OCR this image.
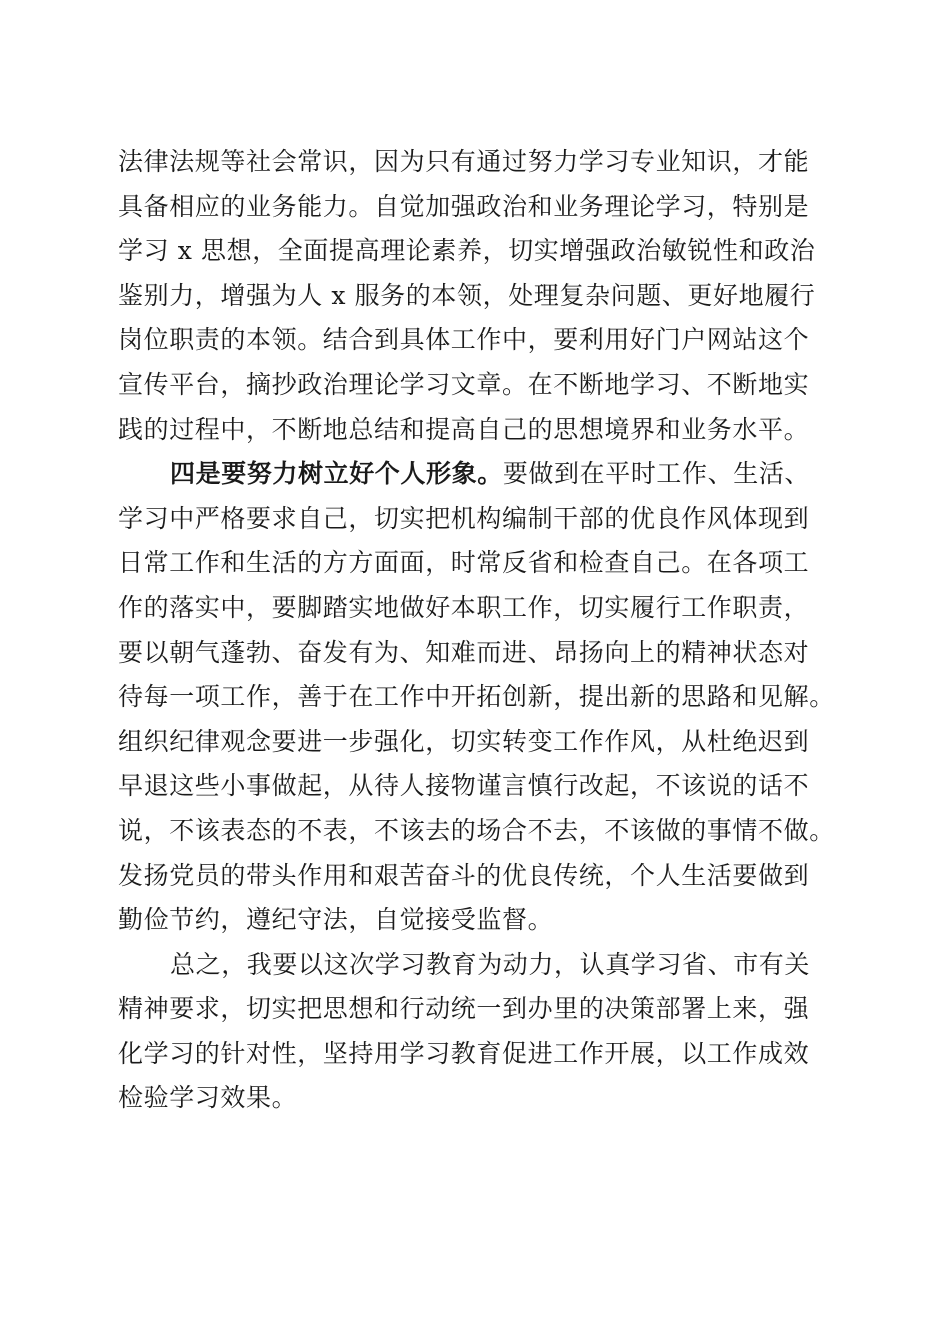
法律法规等社会常识，因为只有通过努力学习专业知识，才能
具备相应的业务能力。自觉加强政治和业务理论学习，特别是
学习 x 思想，全面提高理论素养，切实增强政治敏锐性和政治
鉴别力，增强为人 x 服务的本领，处理复杂问题、更好地履行
岗位职责的本领。结合到具体工作中，要利用好门户网站这个
宣传平台，摘抄政治理论学习文章。在不断地学习、不断地实
践的过程中，不断地总结和提高自己的思想境界和业务水平。
四是要努力树立好个人形象。要做到在平时工作、生活、
学习中严格要求自己，切实把机构编制干部的优良作风体现到
日常工作和生活的方方面面，时常反省和检查自己。在各项工
作的落实中，要脚踏实地做好本职工作，切实履行工作职责，
要以朝气蓬勃、奋发有为、知难而进、昂扬向上的精神状态对
待每一项工作，善于在工作中开拓创新，提出新的思路和见解。
组织纪律观念要进一步强化，切实转变工作作风，从杜绝迟到
早退这些小事做起，从待人接物谨言慎行改起，不该说的话不
说，不该表态的不表，不该去的场合不去，不该做的事情不做。
发扬党员的带头作用和艰苦奋斗的优良传统，个人生活要做到
勤俭节约，遵纪守法，自觉接受监督。
总之，我要以这次学习教育为动力，认真学习省、市有关
精神要求，切实把思想和行动统一到办里的决策部署上来，强
化学习的针对性，坚持用学习教育促进工作开展，以工作成效
检验学习效果。
